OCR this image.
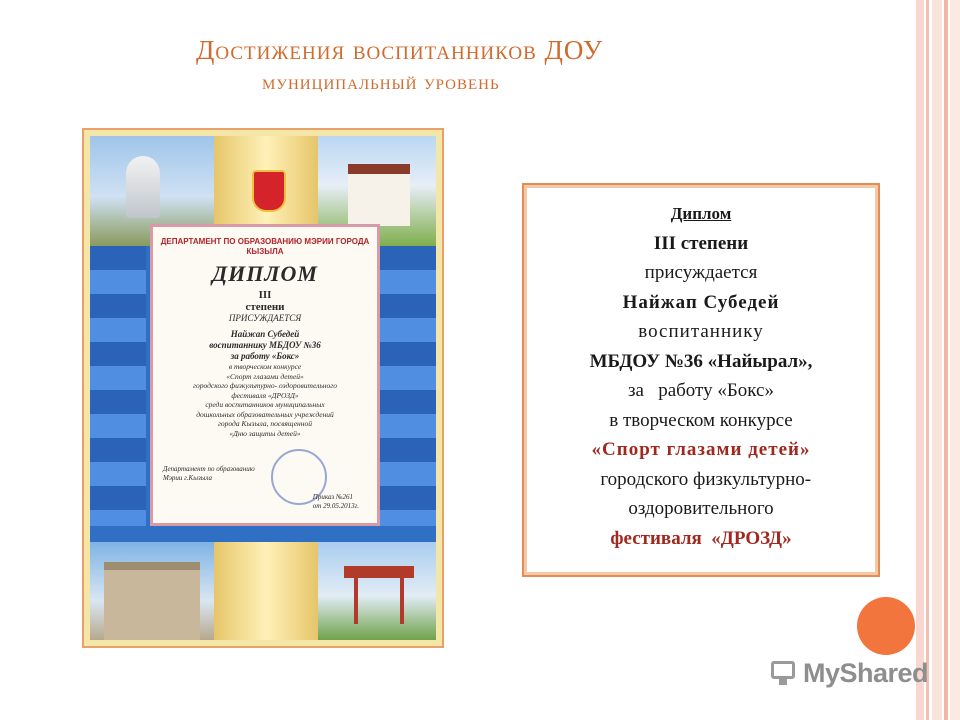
Достижения воспитанников ДОУ
муниципальный уровень
ДЕПАРТАМЕНТ ПО ОБРАЗОВАНИЮ МЭРИИ ГОРОДА КЫЗЫЛА
ДИПЛОМ
III
степени
ПРИСУЖДАЕТСЯ
Найжап Субедей
воспитаннику МБДОУ №36
за работу «Бокс»
в творческом конкурсе
«Спорт глазами детей»
городского физкультурно- оздоровительного
фестиваля «ДРОЗД»
среди воспитанников муниципальных
дошкольных образовательных учреждений
города Кызыла, посвященной
«Дню защиты детей»
Департамент по образованию
Мэрии г.Кызыла
Приказ №261
от 29.05.2013г.
Диплом
III степени
присуждается
Найжап Субедей
воспитаннику
МБДОУ №36 «Найырал»,
за   работу «Бокс»
в творческом конкурсе
«Спорт глазами детей»
городского физкультурно-
оздоровительного
фестиваля  «ДРОЗД»
MyShared
